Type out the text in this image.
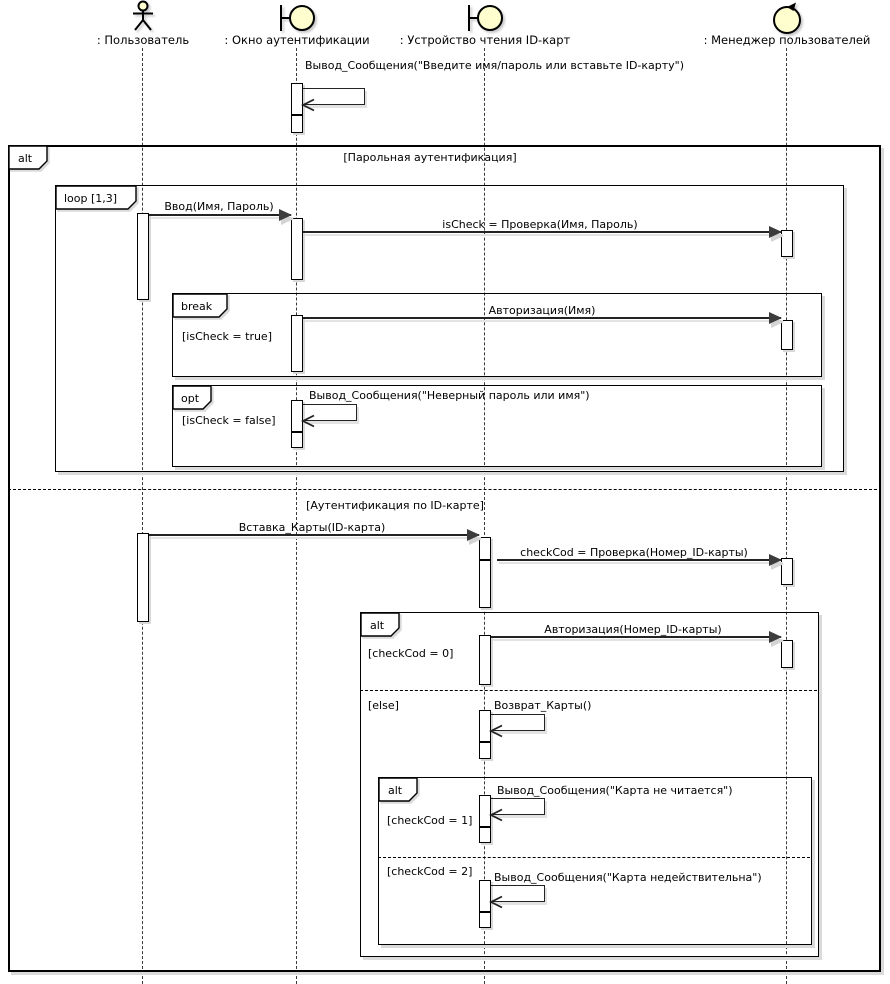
: Пользователь	: Окно аутентификации	: Устройство чтения ID-карт	: Менеджер пользователей
alt
loop [1,3]
break
opt
alt
alt
[Парольная аутентификация]
[Аутентификация по ID-карте]
[isCheck = true]
[isCheck = false]
[checkCod = 0]
[else]
[checkCod = 1]
[checkCod = 2]
Вывод_Сообщения("Введите имя/пароль или вставьте ID-карту")
Ввод(Имя, Пароль)
isCheck = Проверка(Имя, Пароль)
Авторизация(Имя)
Вывод_Сообщения("Неверный пароль или имя")
Вставка_Карты(ID-карта)
checkCod = Проверка(Номер_ID-карты)
Авторизация(Номер_ID-карты)
Возврат_Карты()
Вывод_Сообщения("Карта не читается")
Вывод_Сообщения("Карта недействительна")
